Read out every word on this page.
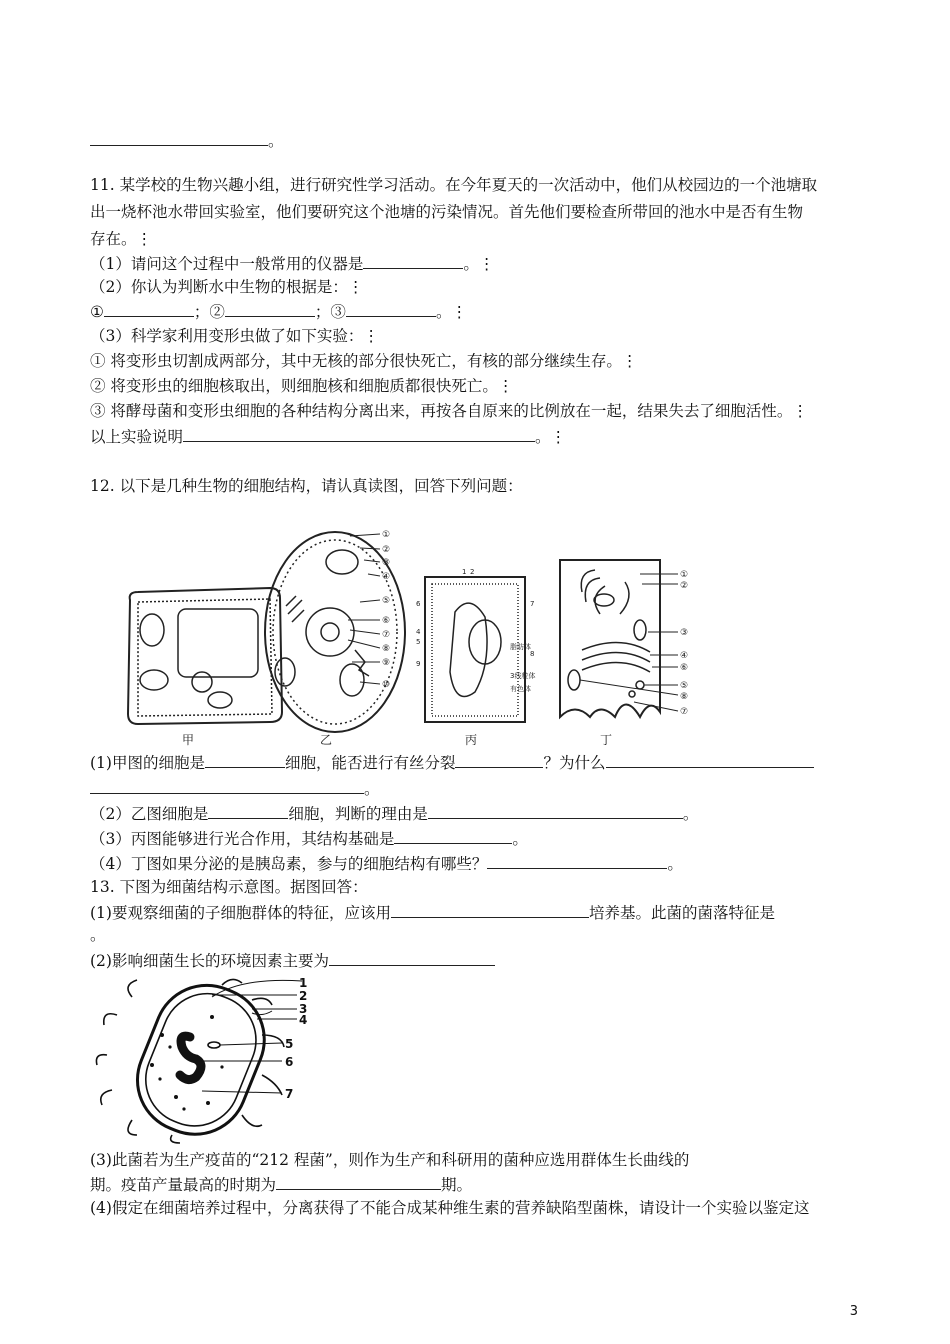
。
11. 某学校的生物兴趣小组，进行研究性学习活动。在今年夏天的一次活动中，他们从校园边的一个池塘取
出一烧杯池水带回实验室，他们要研究这个池塘的污染情况。首先他们要检查所带回的池水中是否有生物
存在。⋮
（1）请问这个过程中一般常用的仪器是	。⋮
（2）你认为判断水中生物的根据是：⋮
①	；②	；③	。⋮
（3）科学家利用变形虫做了如下实验：⋮
① 将变形虫切割成两部分，其中无核的部分很快死亡，有核的部分继续生存。⋮
② 将变形虫的细胞核取出，则细胞核和细胞质都很快死亡。⋮
③ 将酵母菌和变形虫细胞的各种结构分离出来，再按各自原来的比例放在一起，结果失去了细胞活性。⋮
以上实验说明	。⋮
12. 以下是几种生物的细胞结构，请认真读图，回答下列问题：
①
②
③
④
⑤
⑥
⑦
⑧
⑨
⑩
1 2
6	7
4
5
8
9
脂肪体
3线粒体
有色体
①
②
③
④
⑥
⑤
⑧
⑦
甲	乙	丙	丁
(1)甲图的细胞是	细胞，能否进行有丝分裂	？为什么
。
（2）乙图细胞是	细胞，判断的理由是	。
（3）丙图能够进行光合作用，其结构基础是	。
（4）丁图如果分泌的是胰岛素，参与的细胞结构有哪些？	。
13. 下图为细菌结构示意图。据图回答：
(1)要观察细菌的子细胞群体的特征，应该用	培养基。此菌的菌落特征是
。
(2)影响细菌生长的环境因素主要为
1
2
3
4
5
6
7
(3)此菌若为生产疫苗的“212 程菌”，则作为生产和科研用的菌种应选用群体生长曲线的
期。疫苗产量最高的时期为	期。
(4)假定在细菌培养过程中，分离获得了不能合成某种维生素的营养缺陷型菌株，请设计一个实验以鉴定这
3
